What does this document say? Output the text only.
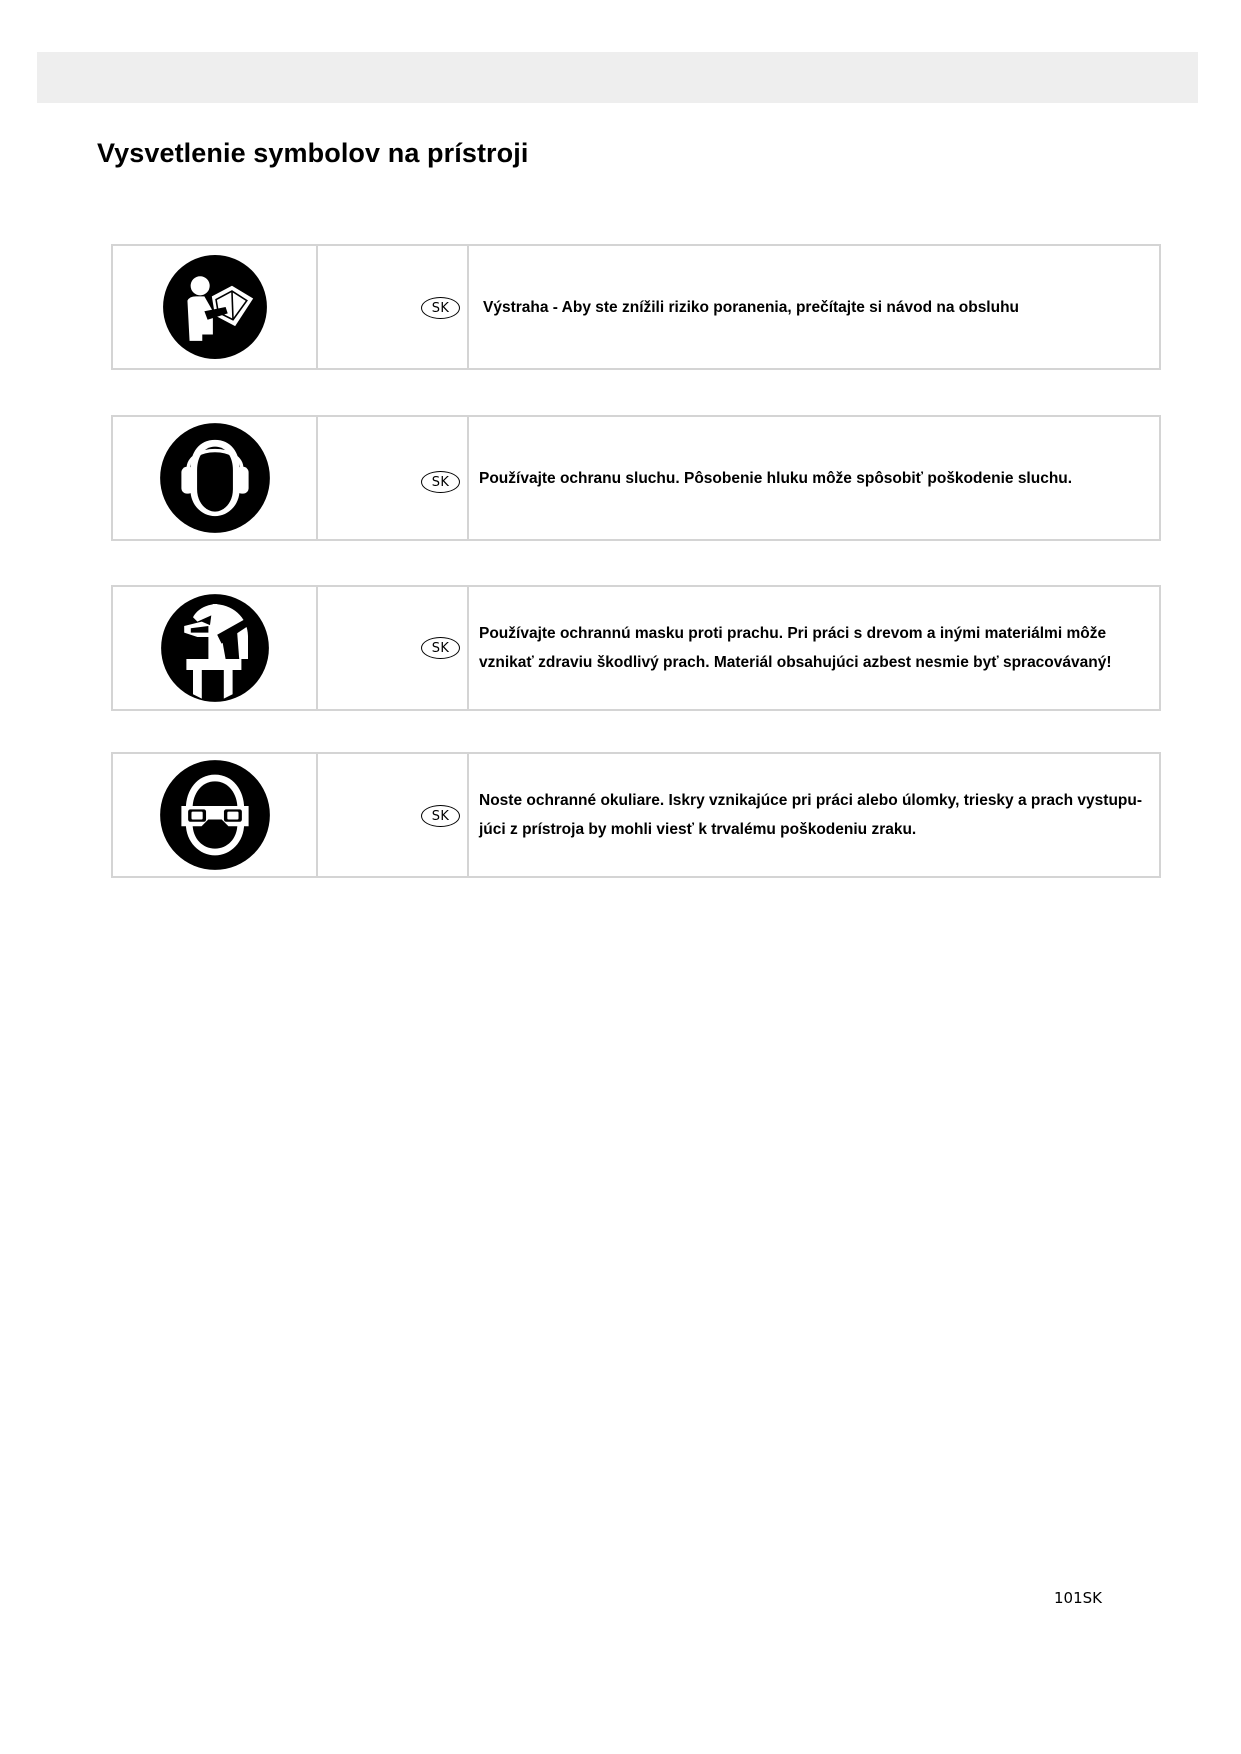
Vysvetlenie symbolov na prístroji
SK	Výstraha - Aby ste znížili riziko poranenia, prečítajte si návod na obsluhu

SK	Používajte ochranu sluchu. Pôsobenie hluku môže spôsobiť poškodenie sluchu.

SK

Používajte ochrannú masku proti prachu. Pri práci s drevom a inými materiálmi môže
vznikať zdraviu škodlivý prach. Materiál obsahujúci azbest nesmie byť spracovávaný!

SK

Noste ochranné okuliare. Iskry vznikajúce pri práci alebo úlomky, triesky a prach vystupu-
júci z prístroja by mohli viesť k trvalému poškodeniu zraku.

101SK
